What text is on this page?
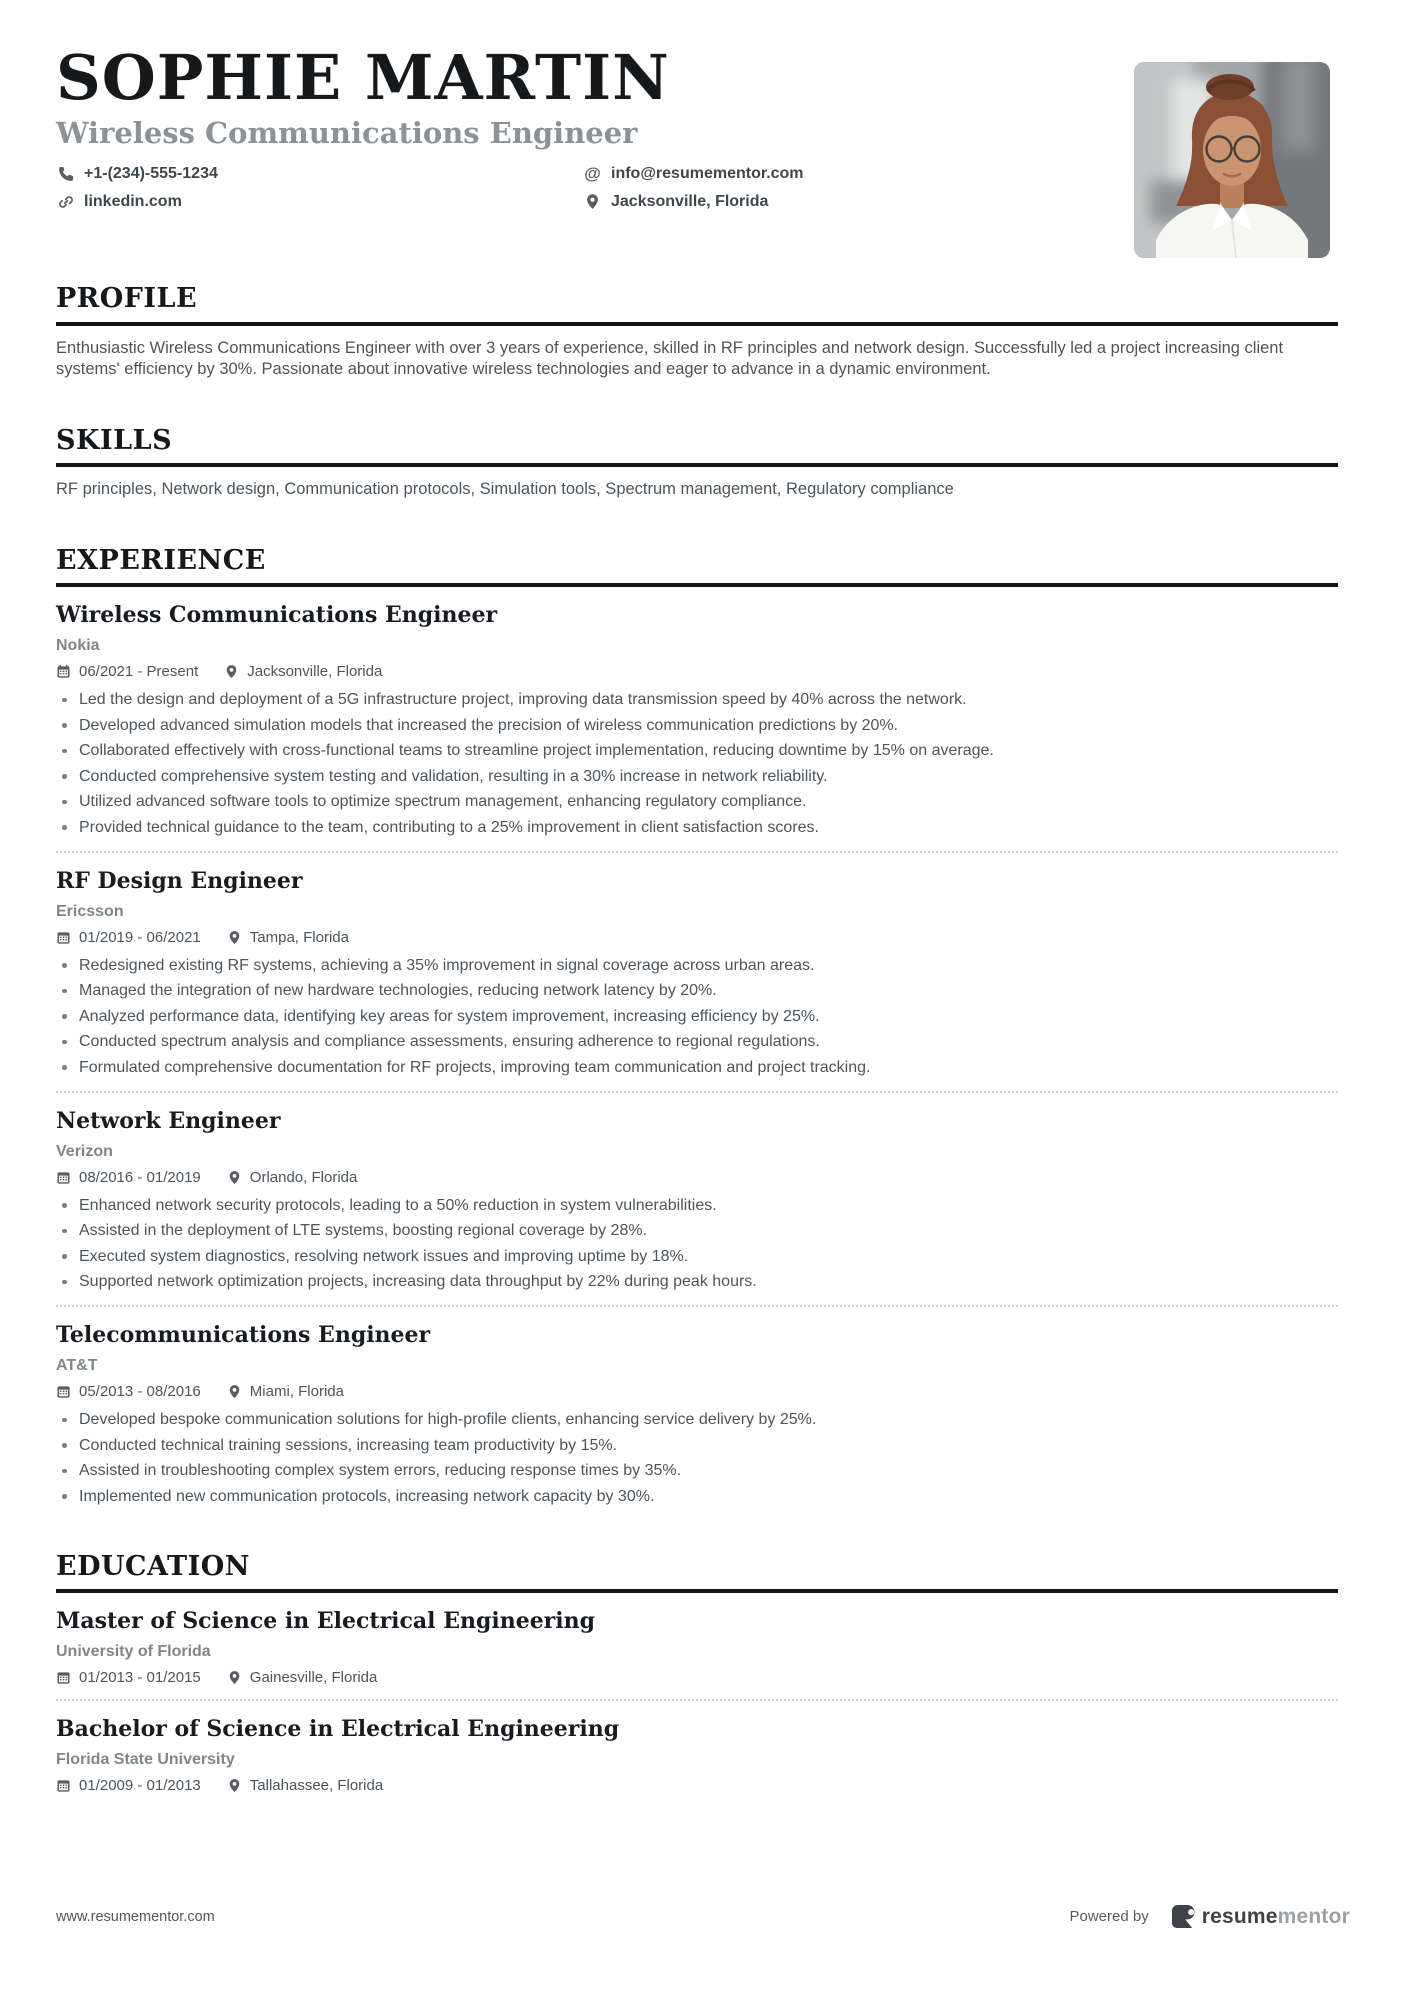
SOPHIE MARTIN
Wireless Communications Engineer
+1-(234)-555-1234
linkedin.com
@ info@resumementor.com
Jacksonville, Florida
PROFILE

Enthusiastic Wireless Communications Engineer with over 3 years of experience, skilled in RF principles and network design. Successfully led a project increasing client systems' efficiency by 30%. Passionate about innovative wireless technologies and eager to advance in a dynamic environment.

SKILLS

RF principles, Network design, Communication protocols, Simulation tools, Spectrum management, Regulatory compliance

EXPERIENCE
Wireless Communications Engineer
Nokia
06/2021 - Present	Jacksonville, Florida
Led the design and deployment of a 5G infrastructure project, improving data transmission speed by 40% across the network.
Developed advanced simulation models that increased the precision of wireless communication predictions by 20%.
Collaborated effectively with cross-functional teams to streamline project implementation, reducing downtime by 15% on average.
Conducted comprehensive system testing and validation, resulting in a 30% increase in network reliability.
Utilized advanced software tools to optimize spectrum management, enhancing regulatory compliance.
Provided technical guidance to the team, contributing to a 25% improvement in client satisfaction scores.
RF Design Engineer
Ericsson
01/2019 - 06/2021	Tampa, Florida
Redesigned existing RF systems, achieving a 35% improvement in signal coverage across urban areas.
Managed the integration of new hardware technologies, reducing network latency by 20%.
Analyzed performance data, identifying key areas for system improvement, increasing efficiency by 25%.
Conducted spectrum analysis and compliance assessments, ensuring adherence to regional regulations.
Formulated comprehensive documentation for RF projects, improving team communication and project tracking.
Network Engineer
Verizon
08/2016 - 01/2019	Orlando, Florida
Enhanced network security protocols, leading to a 50% reduction in system vulnerabilities.
Assisted in the deployment of LTE systems, boosting regional coverage by 28%.
Executed system diagnostics, resolving network issues and improving uptime by 18%.
Supported network optimization projects, increasing data throughput by 22% during peak hours.
Telecommunications Engineer
AT&T
05/2013 - 08/2016	Miami, Florida
Developed bespoke communication solutions for high-profile clients, enhancing service delivery by 25%.
Conducted technical training sessions, increasing team productivity by 15%.
Assisted in troubleshooting complex system errors, reducing response times by 35%.
Implemented new communication protocols, increasing network capacity by 30%.
EDUCATION
Master of Science in Electrical Engineering
University of Florida
01/2013 - 01/2015	Gainesville, Florida
Bachelor of Science in Electrical Engineering
Florida State University
01/2009 - 01/2013	Tallahassee, Florida
www.resumementor.com	Powered by	resumementor
